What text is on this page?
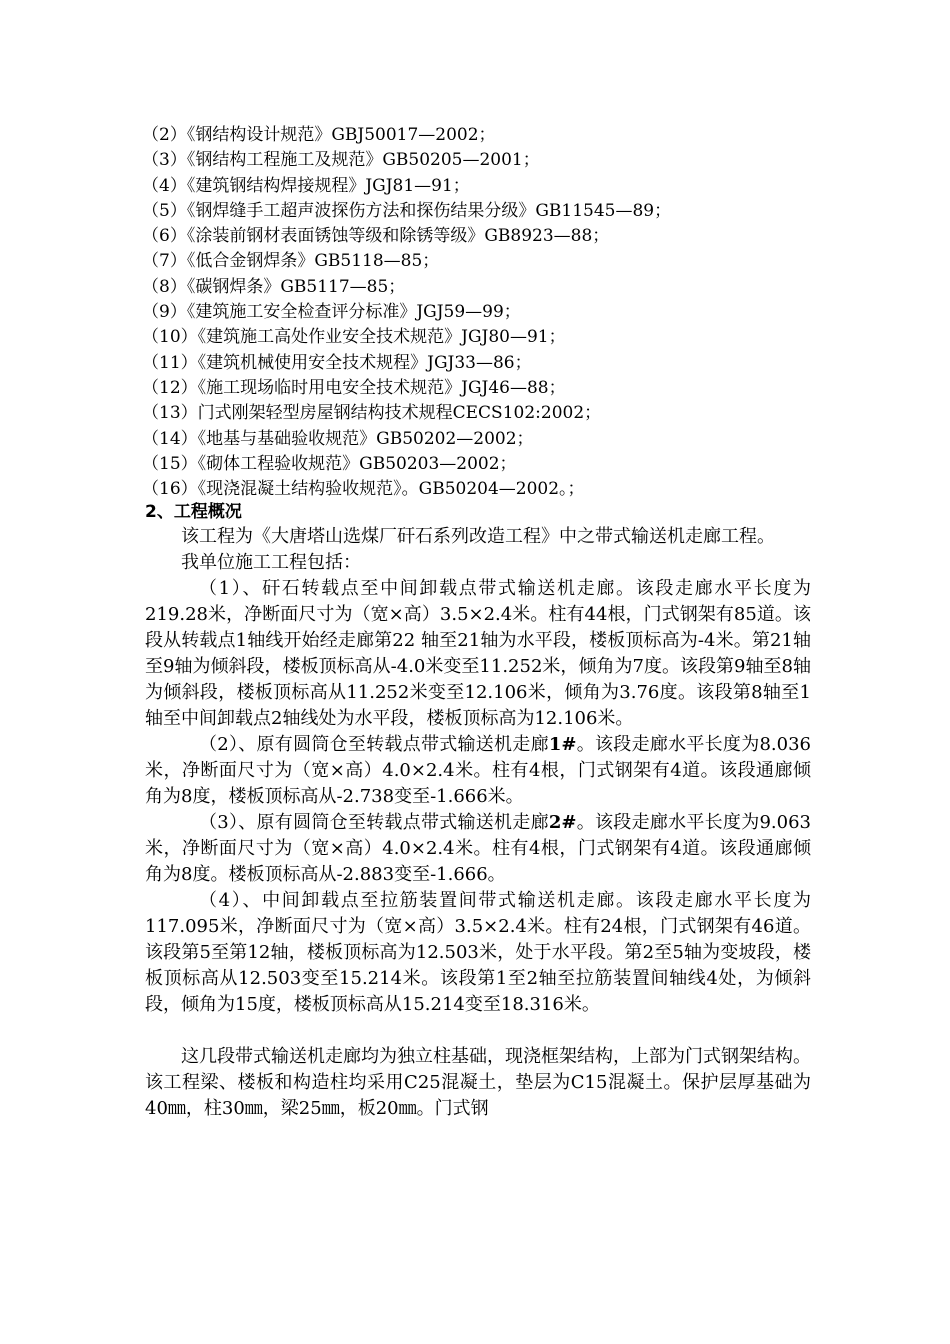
（2）《钢结构设计规范》GBJ50017—2002；
（3）《钢结构工程施工及规范》GB50205—2001；
（4）《建筑钢结构焊接规程》JGJ81—91；
（5）《钢焊缝手工超声波探伤方法和探伤结果分级》GB11545—89；
（6）《涂装前钢材表面锈蚀等级和除锈等级》GB8923—88；
（7）《低合金钢焊条》GB5118—85；
（8）《碳钢焊条》GB5117—85；
（9）《建筑施工安全检查评分标准》JGJ59—99；
（10）《建筑施工高处作业安全技术规范》JGJ80—91；
（11）《建筑机械使用安全技术规程》JGJ33—86；
（12）《施工现场临时用电安全技术规范》JGJ46—88；
（13）门式刚架轻型房屋钢结构技术规程CECS102:2002；
（14）《地基与基础验收规范》GB50202—2002；
（15）《砌体工程验收规范》GB50203—2002；
（16）《现浇混凝土结构验收规范》。GB50204—2002。；
2、工程概况

该工程为《大唐塔山选煤厂矸石系列改造工程》中之带式输送机走廊工程。

我单位施工工程包括：

（1）、矸石转载点至中间卸载点带式输送机走廊。该段走廊水平长度为219.28米，净断面尺寸为（宽×高）3.5×2.4米。柱有44根，门式钢架有85道。该段从转载点1轴线开始经走廊第22 轴至21轴为水平段，楼板顶标高为-4米。第21轴至9轴为倾斜段，楼板顶标高从-4.0米变至11.252米，倾角为7度。该段第9轴至8轴为倾斜段，楼板顶标高从11.252米变至12.106米，倾角为3.76度。该段第8轴至1轴至中间卸载点2轴线处为水平段，楼板顶标高为12.106米。

（2）、原有圆筒仓至转载点带式输送机走廊1#。该段走廊水平长度为8.036米，净断面尺寸为（宽×高）4.0×2.4米。柱有4根，门式钢架有4道。该段通廊倾角为8度，楼板顶标高从-2.738变至-1.666米。

（3）、原有圆筒仓至转载点带式输送机走廊2#。该段走廊水平长度为9.063米，净断面尺寸为（宽×高）4.0×2.4米。柱有4根，门式钢架有4道。该段通廊倾角为8度。楼板顶标高从-2.883变至-1.666。

（4）、中间卸载点至拉筋装置间带式输送机走廊。该段走廊水平长度为117.095米，净断面尺寸为（宽×高）3.5×2.4米。柱有24根，门式钢架有46道。 该段第5至第12轴，楼板顶标高为12.503米，处于水平段。第2至5轴为变坡段，楼板顶标高从12.503变至15.214米。该段第1至2轴至拉筋装置间轴线4处，为倾斜段，倾角为15度，楼板顶标高从15.214变至18.316米。

这几段带式输送机走廊均为独立柱基础，现浇框架结构，上部为门式钢架结构。该工程梁、楼板和构造柱均采用C25混凝土，垫层为C15混凝土。保护层厚基础为40㎜，柱30㎜，梁25㎜，板20㎜。门式钢
